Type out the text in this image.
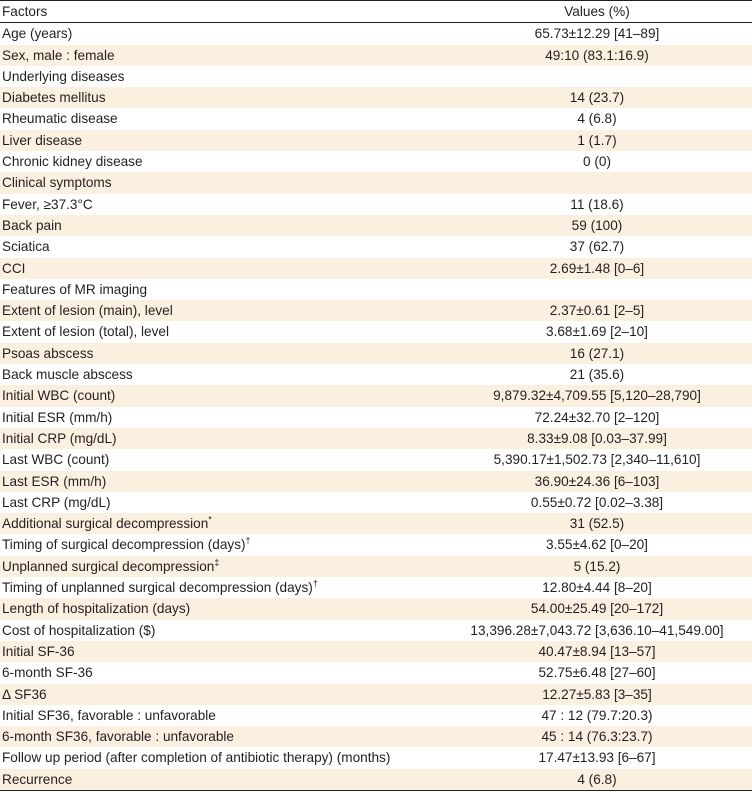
Factors	Values (%)
Age (years)	65.73±12.29 [41–89]
Sex, male : female	49:10 (83.1:16.9)
Underlying diseases	
Diabetes mellitus	14 (23.7)
Rheumatic disease	4 (6.8)
Liver disease	1 (1.7)
Chronic kidney disease	0 (0)
Clinical symptoms	
Fever, ≥37.3°C	11 (18.6)
Back pain	59 (100)
Sciatica	37 (62.7)
CCI	2.69±1.48 [0–6]
Features of MR imaging	
Extent of lesion (main), level	2.37±0.61 [2–5]
Extent of lesion (total), level	3.68±1.69 [2–10]
Psoas abscess	16 (27.1)
Back muscle abscess	21 (35.6)
Initial WBC (count)	9,879.32±4,709.55 [5,120–28,790]
Initial ESR (mm/h)	72.24±32.70 [2–120]
Initial CRP (mg/dL)	8.33±9.08 [0.03–37.99]
Last WBC (count)	5,390.17±1,502.73 [2,340–11,610]
Last ESR (mm/h)	36.90±24.36 [6–103]
Last CRP (mg/dL)	0.55±0.72 [0.02–3.38]
Additional surgical decompression*	31 (52.5)
Timing of surgical decompression (days)†	3.55±4.62 [0–20]
Unplanned surgical decompression‡	5 (15.2)
Timing of unplanned surgical decompression (days)†	12.80±4.44 [8–20]
Length of hospitalization (days)	54.00±25.49 [20–172]
Cost of hospitalization ($)	13,396.28±7,043.72 [3,636.10–41,549.00]
Initial SF-36	40.47±8.94 [13–57]
6-month SF-36	52.75±6.48 [27–60]
Δ SF36	12.27±5.83 [3–35]
Initial SF36, favorable : unfavorable	47 : 12 (79.7:20.3)
6-month SF36, favorable : unfavorable	45 : 14 (76.3:23.7)
Follow up period (after completion of antibiotic therapy) (months)	17.47±13.93 [6–67]
Recurrence	4 (6.8)
